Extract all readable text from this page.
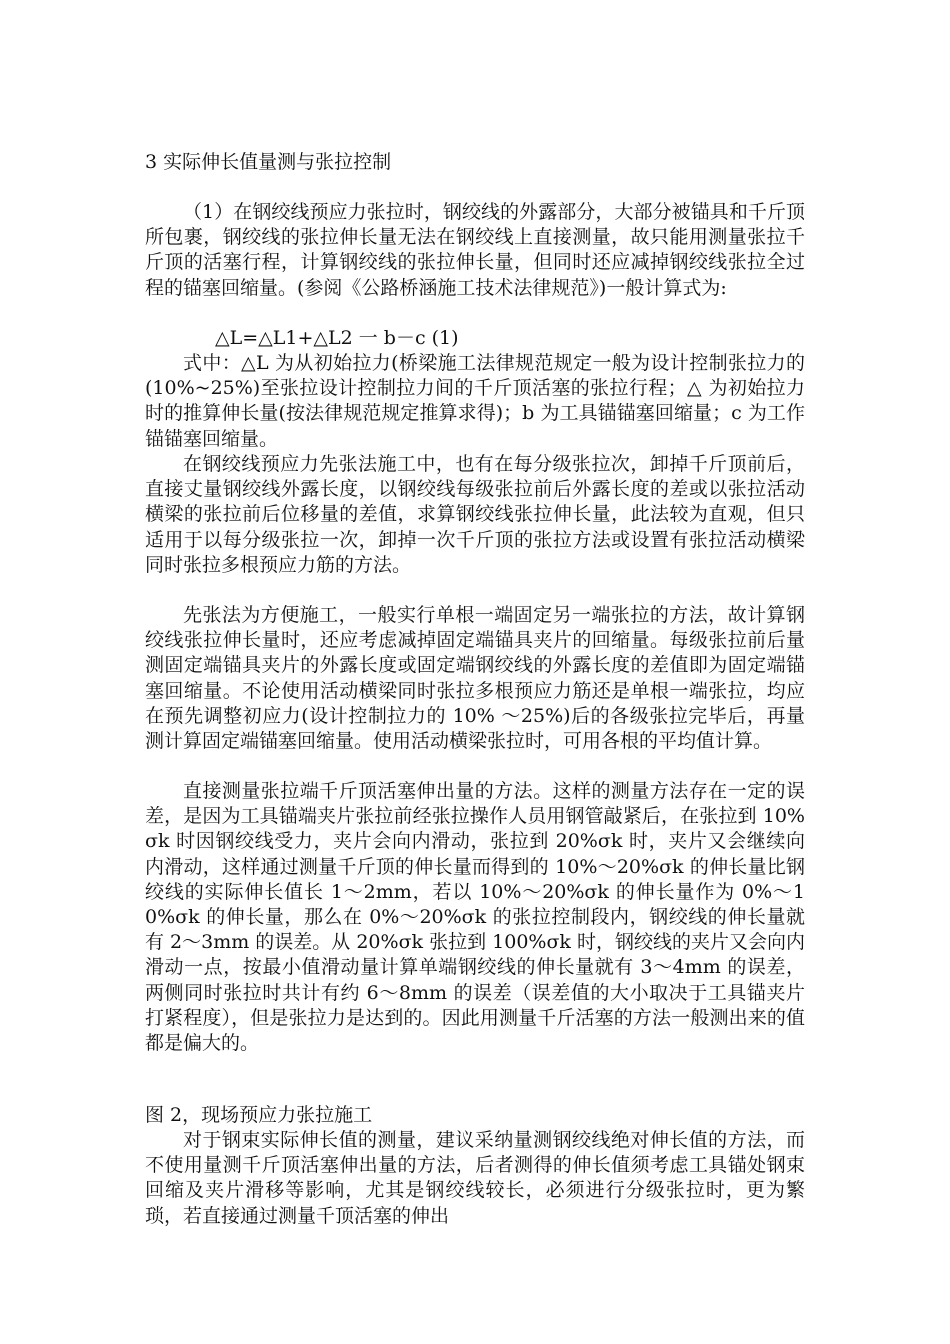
3 实际伸长值量测与张拉控制
（1）在钢绞线预应力张拉时，钢绞线的外露部分，大部分被锚具和千斤顶所包裹，钢绞线的张拉伸长量无法在钢绞线上直接测量，故只能用测量张拉千斤顶的活塞行程，计算钢绞线的张拉伸长量，但同时还应减掉钢绞线张拉全过程的锚塞回缩量。(参阅《公路桥涵施工技术法律规范》)一般计算式为:
△L=△L1+△L2 一 b－c (1)
式中：△L 为从初始拉力(桥梁施工法律规范规定一般为设计控制张拉力的 (10%~25%)至张拉设计控制拉力间的千斤顶活塞的张拉行程；△ 为初始拉力时的推算伸长量(按法律规范规定推算求得)；b 为工具锚锚塞回缩量；c 为工作锚锚塞回缩量。
在钢绞线预应力先张法施工中，也有在每分级张拉次，卸掉千斤顶前后，直接丈量钢绞线外露长度，以钢绞线每级张拉前后外露长度的差或以张拉活动横梁的张拉前后位移量的差值，求算钢绞线张拉伸长量，此法较为直观，但只适用于以每分级张拉一次，卸掉一次千斤顶的张拉方法或设置有张拉活动横梁同时张拉多根预应力筋的方法。
先张法为方便施工，一般实行单根一端固定另一端张拉的方法，故计算钢绞线张拉伸长量时，还应考虑减掉固定端锚具夹片的回缩量。每级张拉前后量测固定端锚具夹片的外露长度或固定端钢绞线的外露长度的差值即为固定端锚塞回缩量。不论使用活动横梁同时张拉多根预应力筋还是单根一端张拉，均应在预先调整初应力(设计控制拉力的 10% ～25%)后的各级张拉完毕后，再量测计算固定端锚塞回缩量。使用活动横梁张拉时，可用各根的平均值计算。
直接测量张拉端千斤顶活塞伸出量的方法。这样的测量方法存在一定的误差，是因为工具锚端夹片张拉前经张拉操作人员用钢管敲紧后，在张拉到 10%σk 时因钢绞线受力，夹片会向内滑动，张拉到 20%σk 时，夹片又会继续向内滑动，这样通过测量千斤顶的伸长量而得到的 10%～20%σk 的伸长量比钢绞线的实际伸长值长 1～2mm，若以 10%～20%σk 的伸长量作为 0%～10%σk 的伸长量，那么在 0%～20%σk 的张拉控制段内，钢绞线的伸长量就有 2～3mm 的误差。从 20%σk 张拉到 100%σk 时，钢绞线的夹片又会向内滑动一点，按最小值滑动量计算单端钢绞线的伸长量就有 3～4mm 的误差，两侧同时张拉时共计有约 6～8mm 的误差（误差值的大小取决于工具锚夹片打紧程度），但是张拉力是达到的。因此用测量千斤活塞的方法一般测出来的值都是偏大的。
图 2，现场预应力张拉施工
对于钢束实际伸长值的测量，建议采纳量测钢绞线绝对伸长值的方法，而不使用量测千斤顶活塞伸出量的方法，后者测得的伸长值须考虑工具锚处钢束回缩及夹片滑移等影响，尤其是钢绞线较长，必须进行分级张拉时，更为繁琐，若直接通过测量千顶活塞的伸出
